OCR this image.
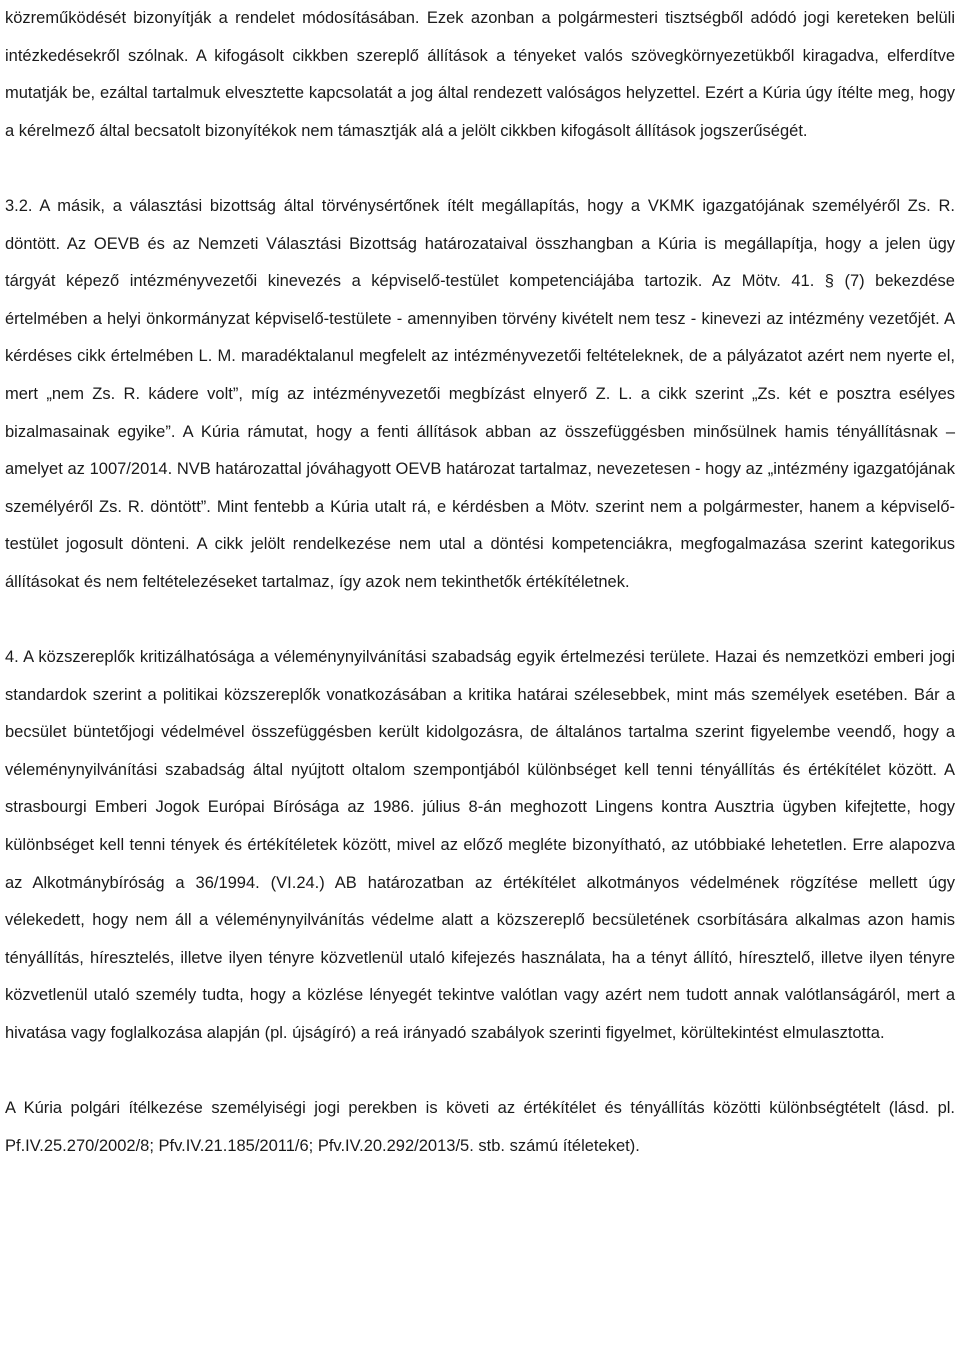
közreműködését bizonyítják a rendelet módosításában. Ezek azonban a polgármesteri tisztségből adódó jogi kereteken belüli intézkedésekről szólnak. A kifogásolt cikkben szereplő állítások a tényeket valós szövegkörnyezetükből kiragadva, elferdítve mutatják be, ezáltal tartalmuk elvesztette kapcsolatát a jog által rendezett valóságos helyzettel. Ezért a Kúria úgy ítélte meg, hogy a kérelmező által becsatolt bizonyítékok nem támasztják alá a jelölt cikkben kifogásolt állítások jogszerűségét.

3.2. A másik, a választási bizottság által törvénysértőnek ítélt megállapítás, hogy a VKMK igazgatójának személyéről Zs. R. döntött. Az OEVB és az Nemzeti Választási Bizottság határozataival összhangban a Kúria is megállapítja, hogy a jelen ügy tárgyát képező intézményvezetői kinevezés a képviselő-testület kompetenciájába tartozik. Az Mötv. 41. § (7) bekezdése értelmében a helyi önkormányzat képviselő-testülete - amennyiben törvény kivételt nem tesz - kinevezi az intézmény vezetőjét. A kérdéses cikk értelmében L. M. maradéktalanul megfelelt az intézményvezetői feltételeknek, de a pályázatot azért nem nyerte el, mert „nem Zs. R. kádere volt”, míg az intézményvezetői megbízást elnyerő Z. L. a cikk szerint „Zs. két e posztra esélyes bizalmasainak egyike”. A Kúria rámutat, hogy a fenti állítások abban az összefüggésben minősülnek hamis tényállításnak – amelyet az 1007/2014. NVB határozattal jóváhagyott OEVB határozat tartalmaz, nevezetesen - hogy az „intézmény igazgatójának személyéről Zs. R. döntött”. Mint fentebb a Kúria utalt rá, e kérdésben a Mötv. szerint nem a polgármester, hanem a képviselő-testület jogosult dönteni. A cikk jelölt rendelkezése nem utal a döntési kompetenciákra, megfogalmazása szerint kategorikus állításokat és nem feltételezéseket tartalmaz, így azok nem tekinthetők értékítéletnek.

4. A közszereplők kritizálhatósága a véleménynyilvánítási szabadság egyik értelmezési területe. Hazai és nemzetközi emberi jogi standardok szerint a politikai közszereplők vonatkozásában a kritika határai szélesebbek, mint más személyek esetében. Bár a becsület büntetőjogi védelmével összefüggésben került kidolgozásra, de általános tartalma szerint figyelembe veendő, hogy a véleménynyilvánítási szabadság által nyújtott oltalom szempontjából különbséget kell tenni tényállítás és értékítélet között. A strasbourgi Emberi Jogok Európai Bírósága az 1986. július 8-án meghozott Lingens kontra Ausztria ügyben kifejtette, hogy különbséget kell tenni tények és értékítéletek között, mivel az előző megléte bizonyítható, az utóbbiaké lehetetlen. Erre alapozva az Alkotmánybíróság a 36/1994. (VI.24.) AB határozatban az értékítélet alkotmányos védelmének rögzítése mellett úgy vélekedett, hogy nem áll a véleménynyilvánítás védelme alatt a közszereplő becsületének csorbítására alkalmas azon hamis tényállítás, híresztelés, illetve ilyen tényre közvetlenül utaló kifejezés használata, ha a tényt állító, híresztelő, illetve ilyen tényre közvetlenül utaló személy tudta, hogy a közlése lényegét tekintve valótlan vagy azért nem tudott annak valótlanságáról, mert a hivatása vagy foglalkozása alapján (pl. újságíró) a reá irányadó szabályok szerinti figyelmet, körültekintést elmulasztotta.

A Kúria polgári ítélkezése személyiségi jogi perekben is követi az értékítélet és tényállítás közötti különbségtételt (lásd. pl. Pf.IV.25.270/2002/8; Pfv.IV.21.185/2011/6; Pfv.IV.20.292/2013/5. stb. számú ítéleteket).
